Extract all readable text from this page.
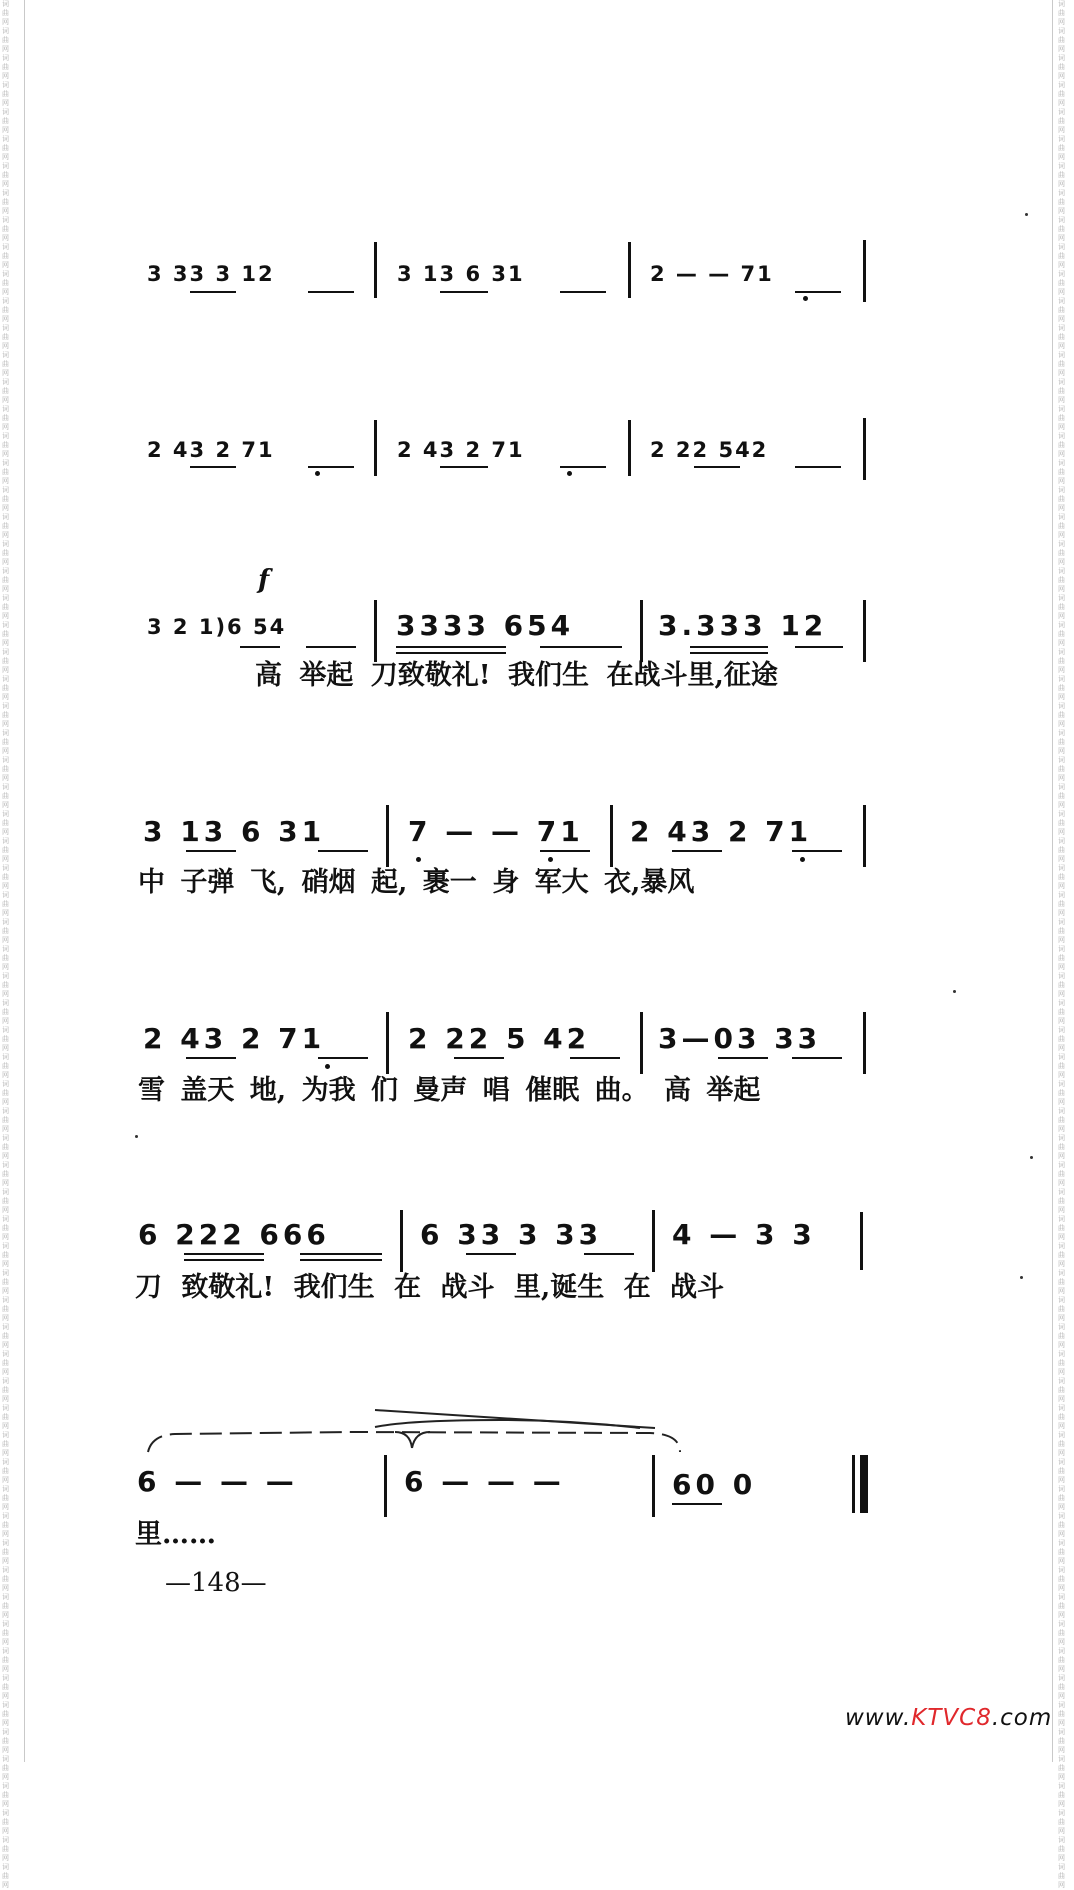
词曲网词曲网词曲网词曲网词曲网词曲网词曲网词曲网词曲网词曲网词曲网词曲网词曲网词曲网词曲网词曲网词曲网词曲网词曲网词曲网词曲网词曲网词曲网词曲网词曲网词曲网词曲网词曲网词曲网词曲网词曲网词曲网词曲网词曲网词曲网词曲网词曲网词曲网词曲网词曲网词曲网词曲网词曲网词曲网词曲网词曲网词曲网词曲网词曲网词曲网词曲网词曲网词曲网词曲网词曲网词曲网词曲网词曲网词曲网词曲网词曲网词曲网词曲网词曲网词曲网词曲网词曲网词曲网词曲网词曲网
词曲网词曲网词曲网词曲网词曲网词曲网词曲网词曲网词曲网词曲网词曲网词曲网词曲网词曲网词曲网词曲网词曲网词曲网词曲网词曲网词曲网词曲网词曲网词曲网词曲网词曲网词曲网词曲网词曲网词曲网词曲网词曲网词曲网词曲网词曲网词曲网词曲网词曲网词曲网词曲网词曲网词曲网词曲网词曲网词曲网词曲网词曲网词曲网词曲网词曲网词曲网词曲网词曲网词曲网词曲网词曲网词曲网词曲网词曲网词曲网词曲网词曲网词曲网词曲网词曲网词曲网词曲网词曲网词曲网词曲网
3 33 3 12	3 13 6 31	2 — — 71
2 43 2 71	2 43 2 71	2 22 542
f
3 2 1)6 54	3333 654	3.333 12
高 举起 刀致敬礼! 我们生 在战斗里,征途
3 13 6 31	7 — — 71 2 43 2 71
中 子弹 飞, 硝烟 起, 裹一 身 军大 衣,暴风
2 43 2 71	2 22 5 42 3—03 33
雪 盖天 地, 为我 们 曼声 唱 催眠 曲。 高 举起
6 222 666	6 33 3 33 4 — 3 3
刀 致敬礼! 我们生 在 战斗 里,诞生 在 战斗
6 — — —	6 — — —	60 0
里……
—148—
www.KTVC8.com
